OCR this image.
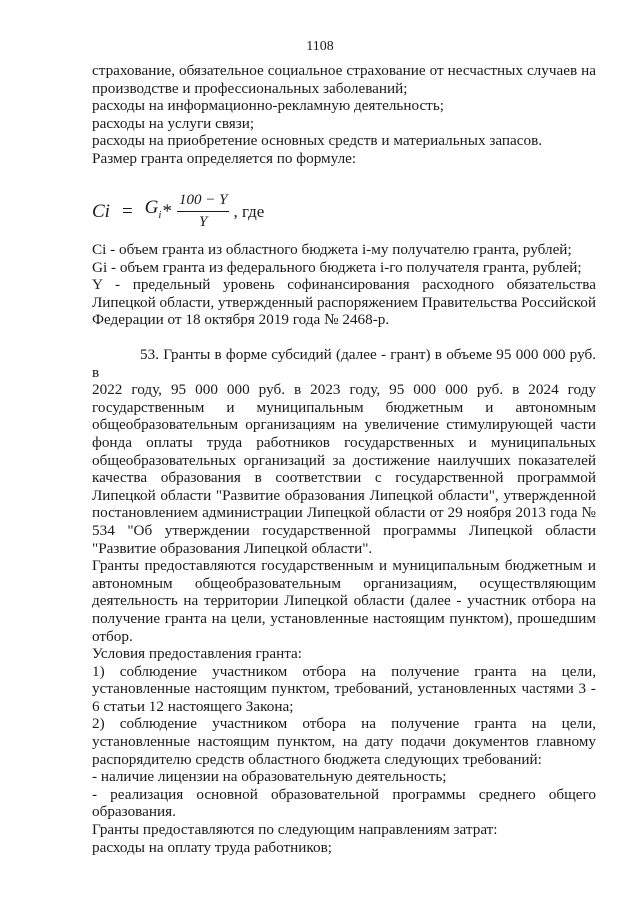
1108
страхование, обязательное социальное страхование от несчастных случаев на
производстве и профессиональных заболеваний;
расходы на информационно-рекламную деятельность;
расходы на услуги связи;
расходы на приобретение основных средств и материальных запасов.
Размер гранта определяется по формуле:
$Ci = G_i * \frac{100 - Y}{Y}$ , где
Ci - объем гранта из областного бюджета i-му получателю гранта, рублей;
Gi - объем гранта из федерального бюджета i-го получателя гранта, рублей;
Y - предельный уровень софинансирования расходного обязательства
Липецкой области, утвержденный распоряжением Правительства Российской
Федерации от 18 октября 2019 года № 2468-р.
53. Гранты в форме субсидий (далее - грант) в объеме 95 000 000 руб. в
2022 году, 95 000 000 руб. в 2023 году, 95 000 000 руб. в 2024 году
государственным и муниципальным бюджетным и автономным
общеобразовательным организациям на увеличение стимулирующей части
фонда оплаты труда работников государственных и муниципальных
общеобразовательных организаций за достижение наилучших показателей
качества образования в соответствии с государственной программой
Липецкой области "Развитие образования Липецкой области", утвержденной
постановлением администрации Липецкой области от 29 ноября 2013 года №
534 "Об утверждении государственной программы Липецкой области
"Развитие образования Липецкой области".
Гранты предоставляются государственным и муниципальным бюджетным и
автономным общеобразовательным организациям, осуществляющим
деятельность на территории Липецкой области (далее - участник отбора на
получение гранта на цели, установленные настоящим пунктом), прошедшим
отбор.
Условия предоставления гранта:
1) соблюдение участником отбора на получение гранта на цели,
установленные настоящим пунктом, требований, установленных частями 3 -
6 статьи 12 настоящего Закона;
2) соблюдение участником отбора на получение гранта на цели,
установленные настоящим пунктом, на дату подачи документов главному
распорядителю средств областного бюджета следующих требований:
- наличие лицензии на образовательную деятельность;
- реализация основной образовательной программы среднего общего
образования.
Гранты предоставляются по следующим направлениям затрат:
расходы на оплату труда работников;
